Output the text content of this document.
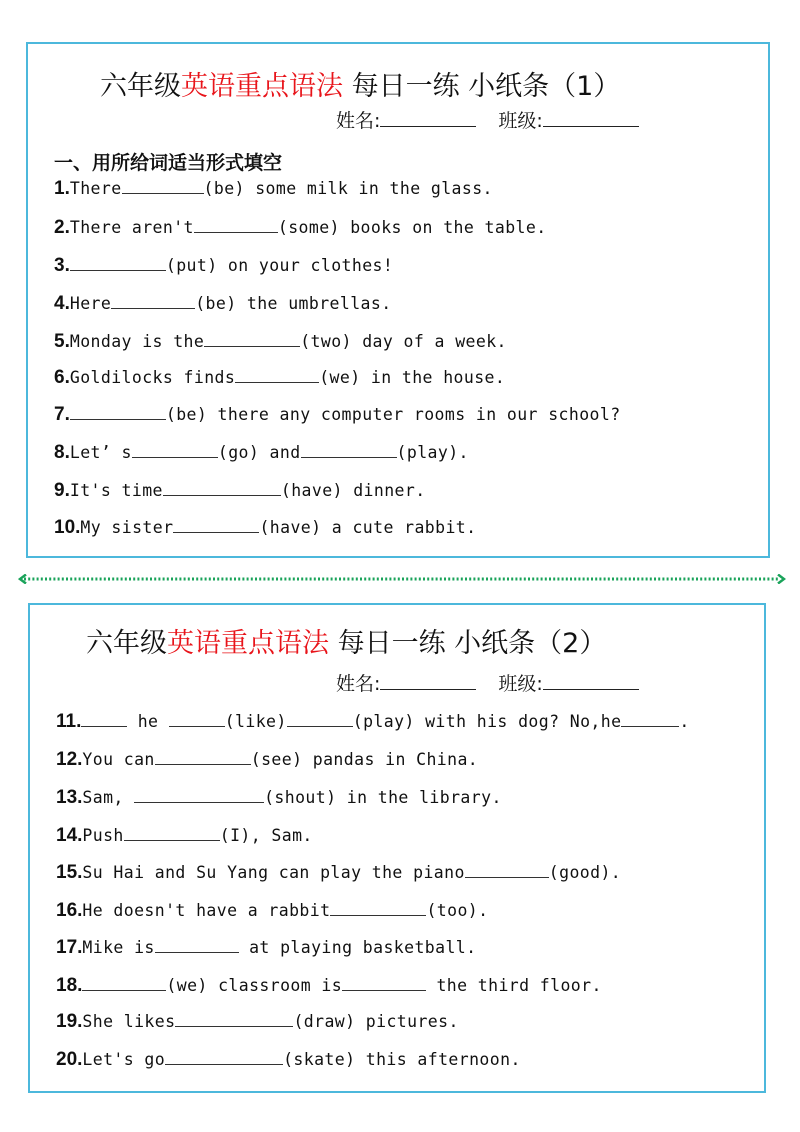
六年级英语重点语法 每日一练 小纸条（1）
姓名:	班级:
一、用所给词适当形式填空
1.There	(be) some milk in the glass.
2.There aren't	(some) books on the table.
3.	(put) on your clothes!
4.Here	(be) the umbrellas.
5.Monday is the	(two) day of a week.
6.Goldilocks finds	(we) in the house.
7.	(be) there any computer rooms in our school?
8.Let’ s	(go) and	(play).
9.It's time	(have) dinner.
10.My sister	(have) a cute rabbit.
六年级英语重点语法 每日一练 小纸条（2）
姓名:	班级:
11.	he	(like)	(play) with his dog? No,he	.
12.You can	(see) pandas in China.
13.Sam,	(shout) in the library.
14.Push	(I), Sam.
15.Su Hai and Su Yang can play the piano	(good).
16.He doesn't have a rabbit	(too).
17.Mike is	at playing basketball.
18.	(we) classroom is	the third floor.
19.She likes	(draw) pictures.
20.Let's go	(skate) this afternoon.
